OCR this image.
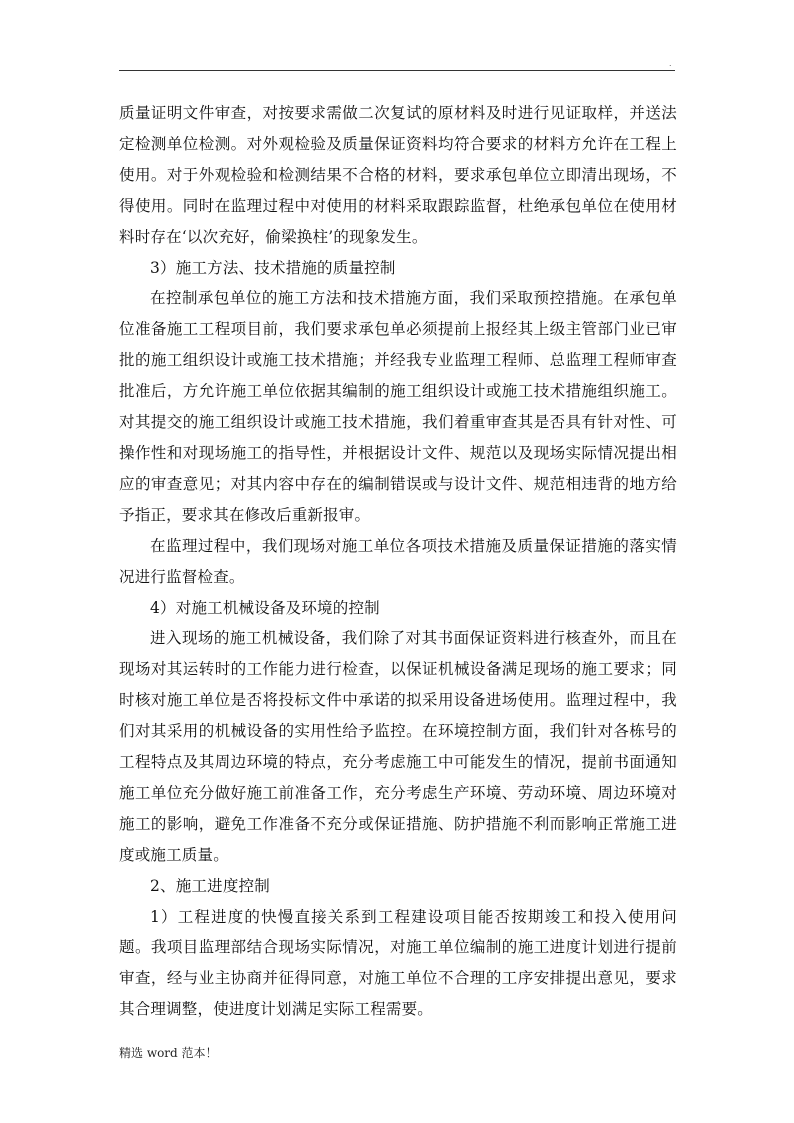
.

质量证明文件审查，对按要求需做二次复试的原材料及时进行见证取样，并送法定检测单位检测。对外观检验及质量保证资料均符合要求的材料方允许在工程上使用。对于外观检验和检测结果不合格的材料，要求承包单位立即清出现场，不得使用。同时在监理过程中对使用的材料采取跟踪监督，杜绝承包单位在使用材料时存在‘以次充好，偷梁换柱’的现象发生。

3）施工方法、技术措施的质量控制

在控制承包单位的施工方法和技术措施方面，我们采取预控措施。在承包单位准备施工工程项目前，我们要求承包单必须提前上报经其上级主管部门业已审批的施工组织设计或施工技术措施；并经我专业监理工程师、总监理工程师审查批准后，方允许施工单位依据其编制的施工组织设计或施工技术措施组织施工。对其提交的施工组织设计或施工技术措施，我们着重审查其是否具有针对性、可操作性和对现场施工的指导性，并根据设计文件、规范以及现场实际情况提出相应的审查意见；对其内容中存在的编制错误或与设计文件、规范相违背的地方给予指正，要求其在修改后重新报审。

在监理过程中，我们现场对施工单位各项技术措施及质量保证措施的落实情况进行监督检查。

4）对施工机械设备及环境的控制

进入现场的施工机械设备，我们除了对其书面保证资料进行核查外，而且在现场对其运转时的工作能力进行检查，以保证机械设备满足现场的施工要求；同时核对施工单位是否将投标文件中承诺的拟采用设备进场使用。监理过程中，我们对其采用的机械设备的实用性给予监控。在环境控制方面，我们针对各栋号的工程特点及其周边环境的特点，充分考虑施工中可能发生的情况，提前书面通知施工单位充分做好施工前准备工作，充分考虑生产环境、劳动环境、周边环境对施工的影响，避免工作准备不充分或保证措施、防护措施不利而影响正常施工进度或施工质量。

2、施工进度控制

1）工程进度的快慢直接关系到工程建设项目能否按期竣工和投入使用问题。我项目监理部结合现场实际情况，对施工单位编制的施工进度计划进行提前审查，经与业主协商并征得同意，对施工单位不合理的工序安排提出意见，要求其合理调整，使进度计划满足实际工程需要。

精选 word 范本！
